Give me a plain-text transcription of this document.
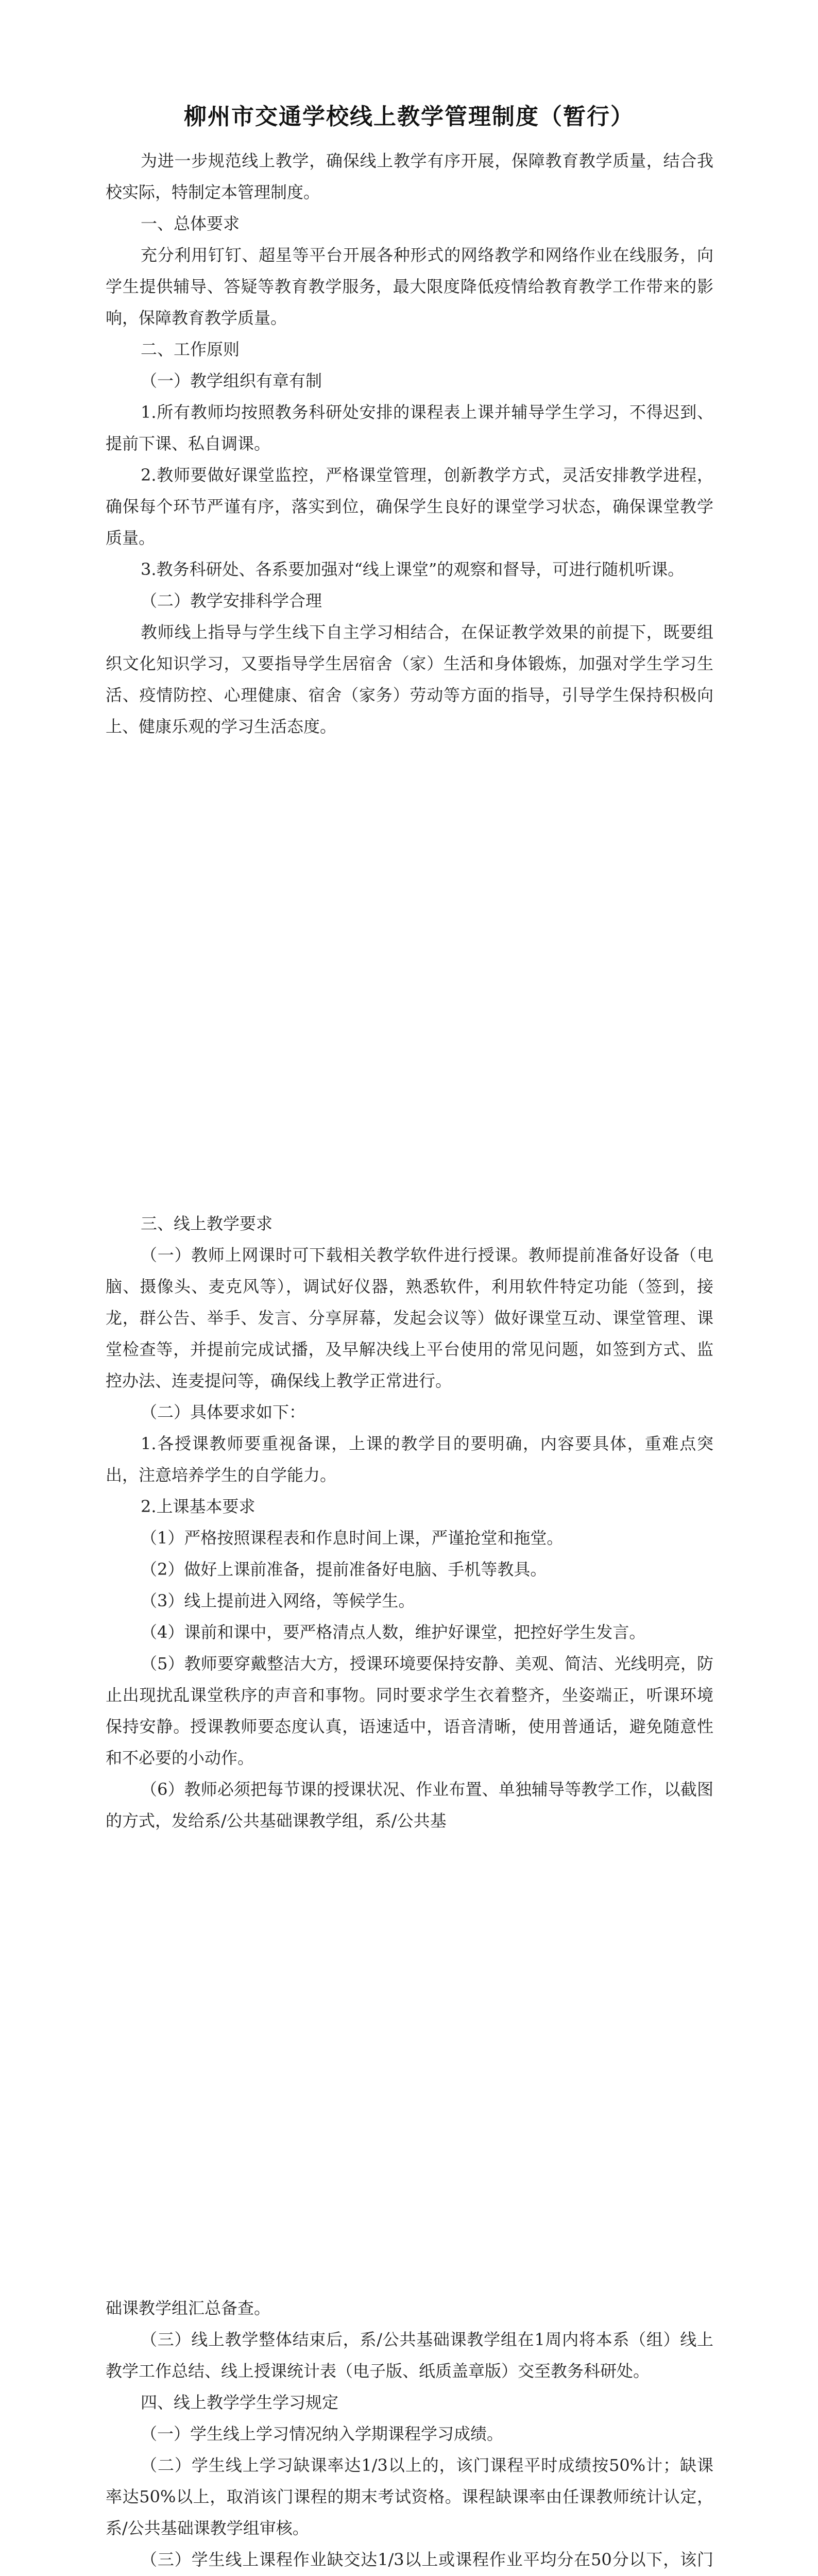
柳州市交通学校线上教学管理制度（暂行）

为进一步规范线上教学，确保线上教学有序开展，保障教育教学质量，结合我校实际，特制定本管理制度。

一、总体要求

充分利用钉钉、超星等平台开展各种形式的网络教学和网络作业在线服务，向学生提供辅导、答疑等教育教学服务，最大限度降低疫情给教育教学工作带来的影响，保障教育教学质量。

二、工作原则

（一）教学组织有章有制

1.所有教师均按照教务科研处安排的课程表上课并辅导学生学习，不得迟到、提前下课、私自调课。

2.教师要做好课堂监控，严格课堂管理，创新教学方式，灵活安排教学进程，确保每个环节严谨有序，落实到位，确保学生良好的课堂学习状态，确保课堂教学质量。

3.教务科研处、各系要加强对“线上课堂”的观察和督导，可进行随机听课。

（二）教学安排科学合理

教师线上指导与学生线下自主学习相结合，在保证教学效果的前提下，既要组织文化知识学习，又要指导学生居宿舍（家）生活和身体锻炼，加强对学生学习生活、疫情防控、心理健康、宿舍（家务）劳动等方面的指导，引导学生保持积极向上、健康乐观的学习生活态度。

三、线上教学要求

（一）教师上网课时可下载相关教学软件进行授课。教师提前准备好设备（电脑、摄像头、麦克风等），调试好仪器，熟悉软件，利用软件特定功能（签到，接龙，群公告、举手、发言、分享屏幕，发起会议等）做好课堂互动、课堂管理、课堂检查等，并提前完成试播，及早解决线上平台使用的常见问题，如签到方式、监控办法、连麦提问等，确保线上教学正常进行。

（二）具体要求如下：

1.各授课教师要重视备课，上课的教学目的要明确，内容要具体，重难点突出，注意培养学生的自学能力。

2.上课基本要求

（1）严格按照课程表和作息时间上课，严谨抢堂和拖堂。

（2）做好上课前准备，提前准备好电脑、手机等教具。

（3）线上提前进入网络，等候学生。

（4）课前和课中，要严格清点人数，维护好课堂，把控好学生发言。

（5）教师要穿戴整洁大方，授课环境要保持安静、美观、简洁、光线明亮，防止出现扰乱课堂秩序的声音和事物。同时要求学生衣着整齐，坐姿端正，听课环境保持安静。授课教师要态度认真，语速适中，语音清晰，使用普通话，避免随意性和不必要的小动作。

（6）教师必须把每节课的授课状况、作业布置、单独辅导等教学工作，以截图的方式，发给系/公共基础课教学组，系/公共基

础课教学组汇总备查。

（三）线上教学整体结束后，系/公共基础课教学组在1周内将本系（组）线上教学工作总结、线上授课统计表（电子版、纸质盖章版）交至教务科研处。

四、线上教学学生学习规定

（一）学生线上学习情况纳入学期课程学习成绩。

（二）学生线上学习缺课率达1/3以上的，该门课程平时成绩按50%计；缺课率达50%以上，取消该门课程的期末考试资格。课程缺课率由任课教师统计认定，系/公共基础课教学组审核。

（三）学生线上课程作业缺交达1/3以上或课程作业平均分在50分以下，该门
